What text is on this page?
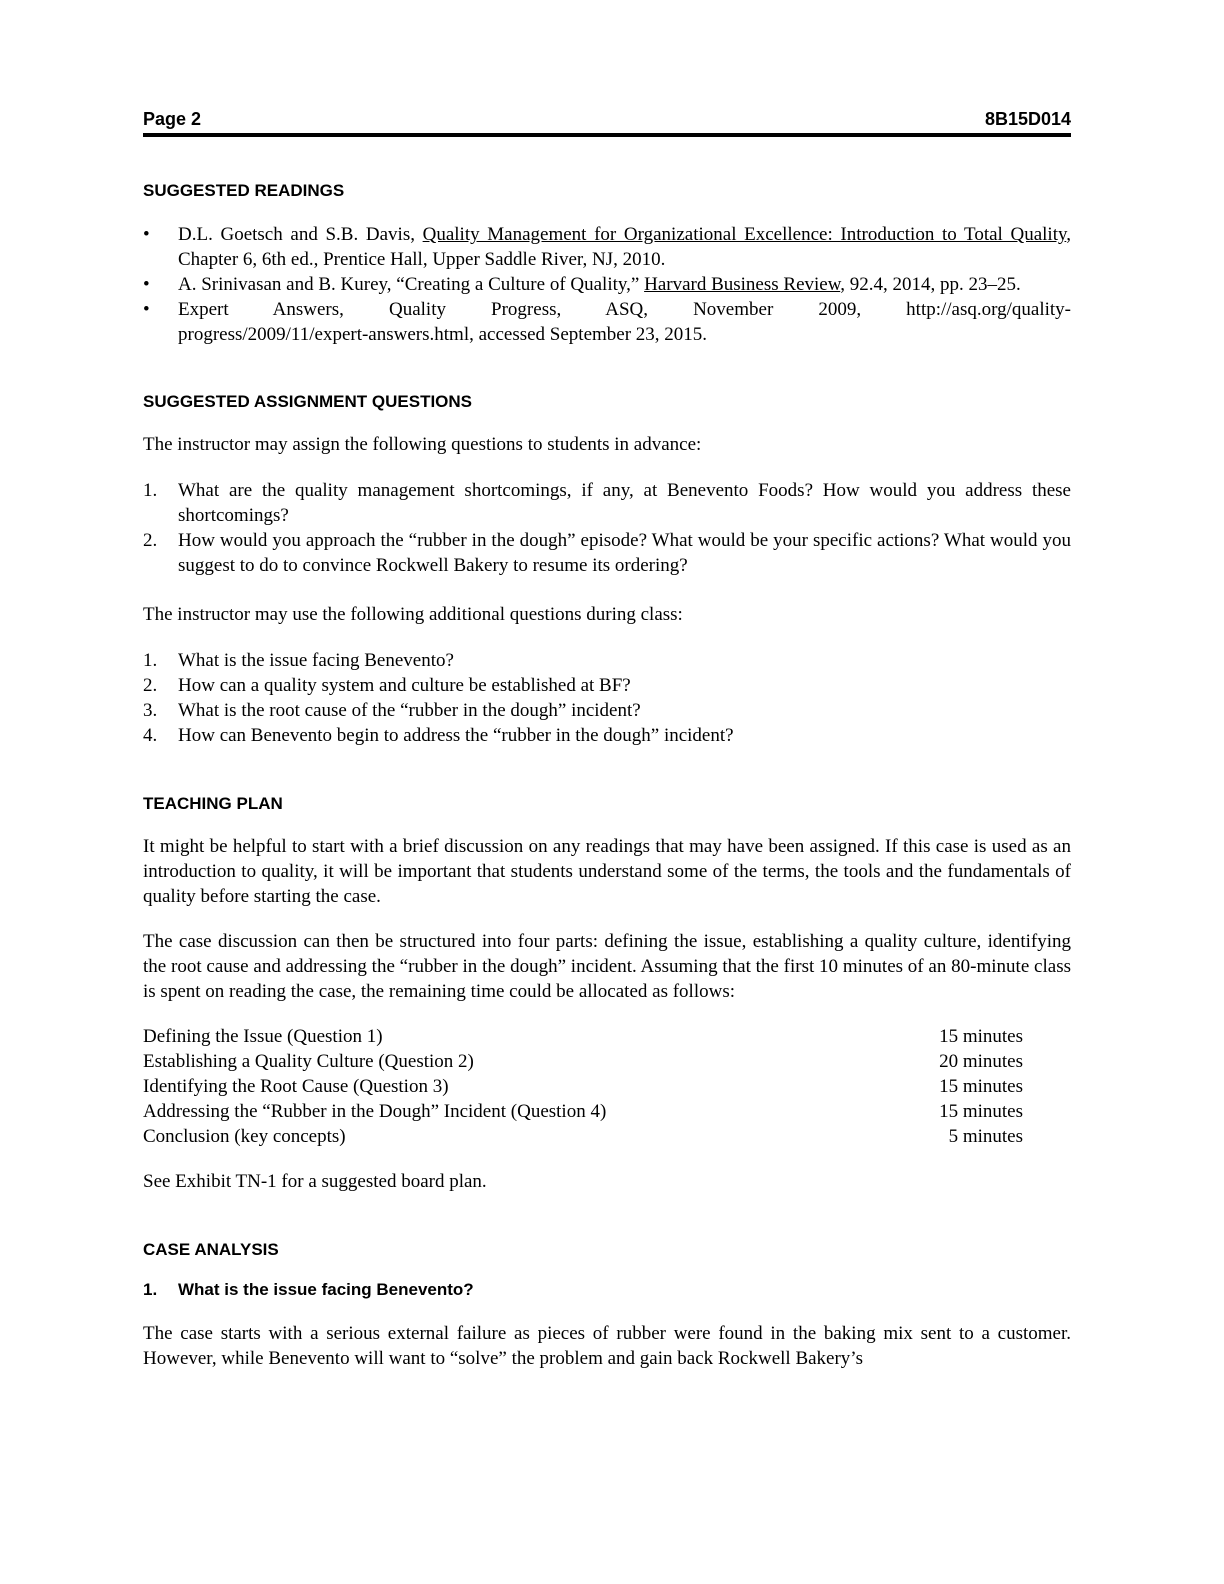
Page 2	8B15D014
SUGGESTED READINGS
• D.L. Goetsch and S.B. Davis, Quality Management for Organizational Excellence: Introduction to Total Quality, Chapter 6, 6th ed., Prentice Hall, Upper Saddle River, NJ, 2010.
• A. Srinivasan and B. Kurey, “Creating a Culture of Quality,” Harvard Business Review, 92.4, 2014, pp. 23–25.
• Expert Answers, Quality Progress, ASQ, November 2009, http://asq.org/quality-
progress/2009/11/expert-answers.html, accessed September 23, 2015.
SUGGESTED ASSIGNMENT QUESTIONS

The instructor may assign the following questions to students in advance:

1. What are the quality management shortcomings, if any, at Benevento Foods? How would you address these shortcomings?
2. How would you approach the “rubber in the dough” episode? What would be your specific actions? What would you suggest to do to convince Rockwell Bakery to resume its ordering?

The instructor may use the following additional questions during class:

1. What is the issue facing Benevento?
2. How can a quality system and culture be established at BF?
3. What is the root cause of the “rubber in the dough” incident?
4. How can Benevento begin to address the “rubber in the dough” incident?
TEACHING PLAN

It might be helpful to start with a brief discussion on any readings that may have been assigned. If this case is used as an introduction to quality, it will be important that students understand some of the terms, the tools and the fundamentals of quality before starting the case.

The case discussion can then be structured into four parts: defining the issue, establishing a quality culture, identifying the root cause and addressing the “rubber in the dough” incident. Assuming that the first 10 minutes of an 80-minute class is spent on reading the case, the remaining time could be allocated as follows:

Defining the Issue (Question 1)	15 minutes
Establishing a Quality Culture (Question 2)	20 minutes
Identifying the Root Cause (Question 3)	15 minutes
Addressing the “Rubber in the Dough” Incident (Question 4)	15 minutes
Conclusion (key concepts)	5 minutes

See Exhibit TN-1 for a suggested board plan.

CASE ANALYSIS
1.	What is the issue facing Benevento?

The case starts with a serious external failure as pieces of rubber were found in the baking mix sent to a customer. However, while Benevento will want to “solve” the problem and gain back Rockwell Bakery’s
